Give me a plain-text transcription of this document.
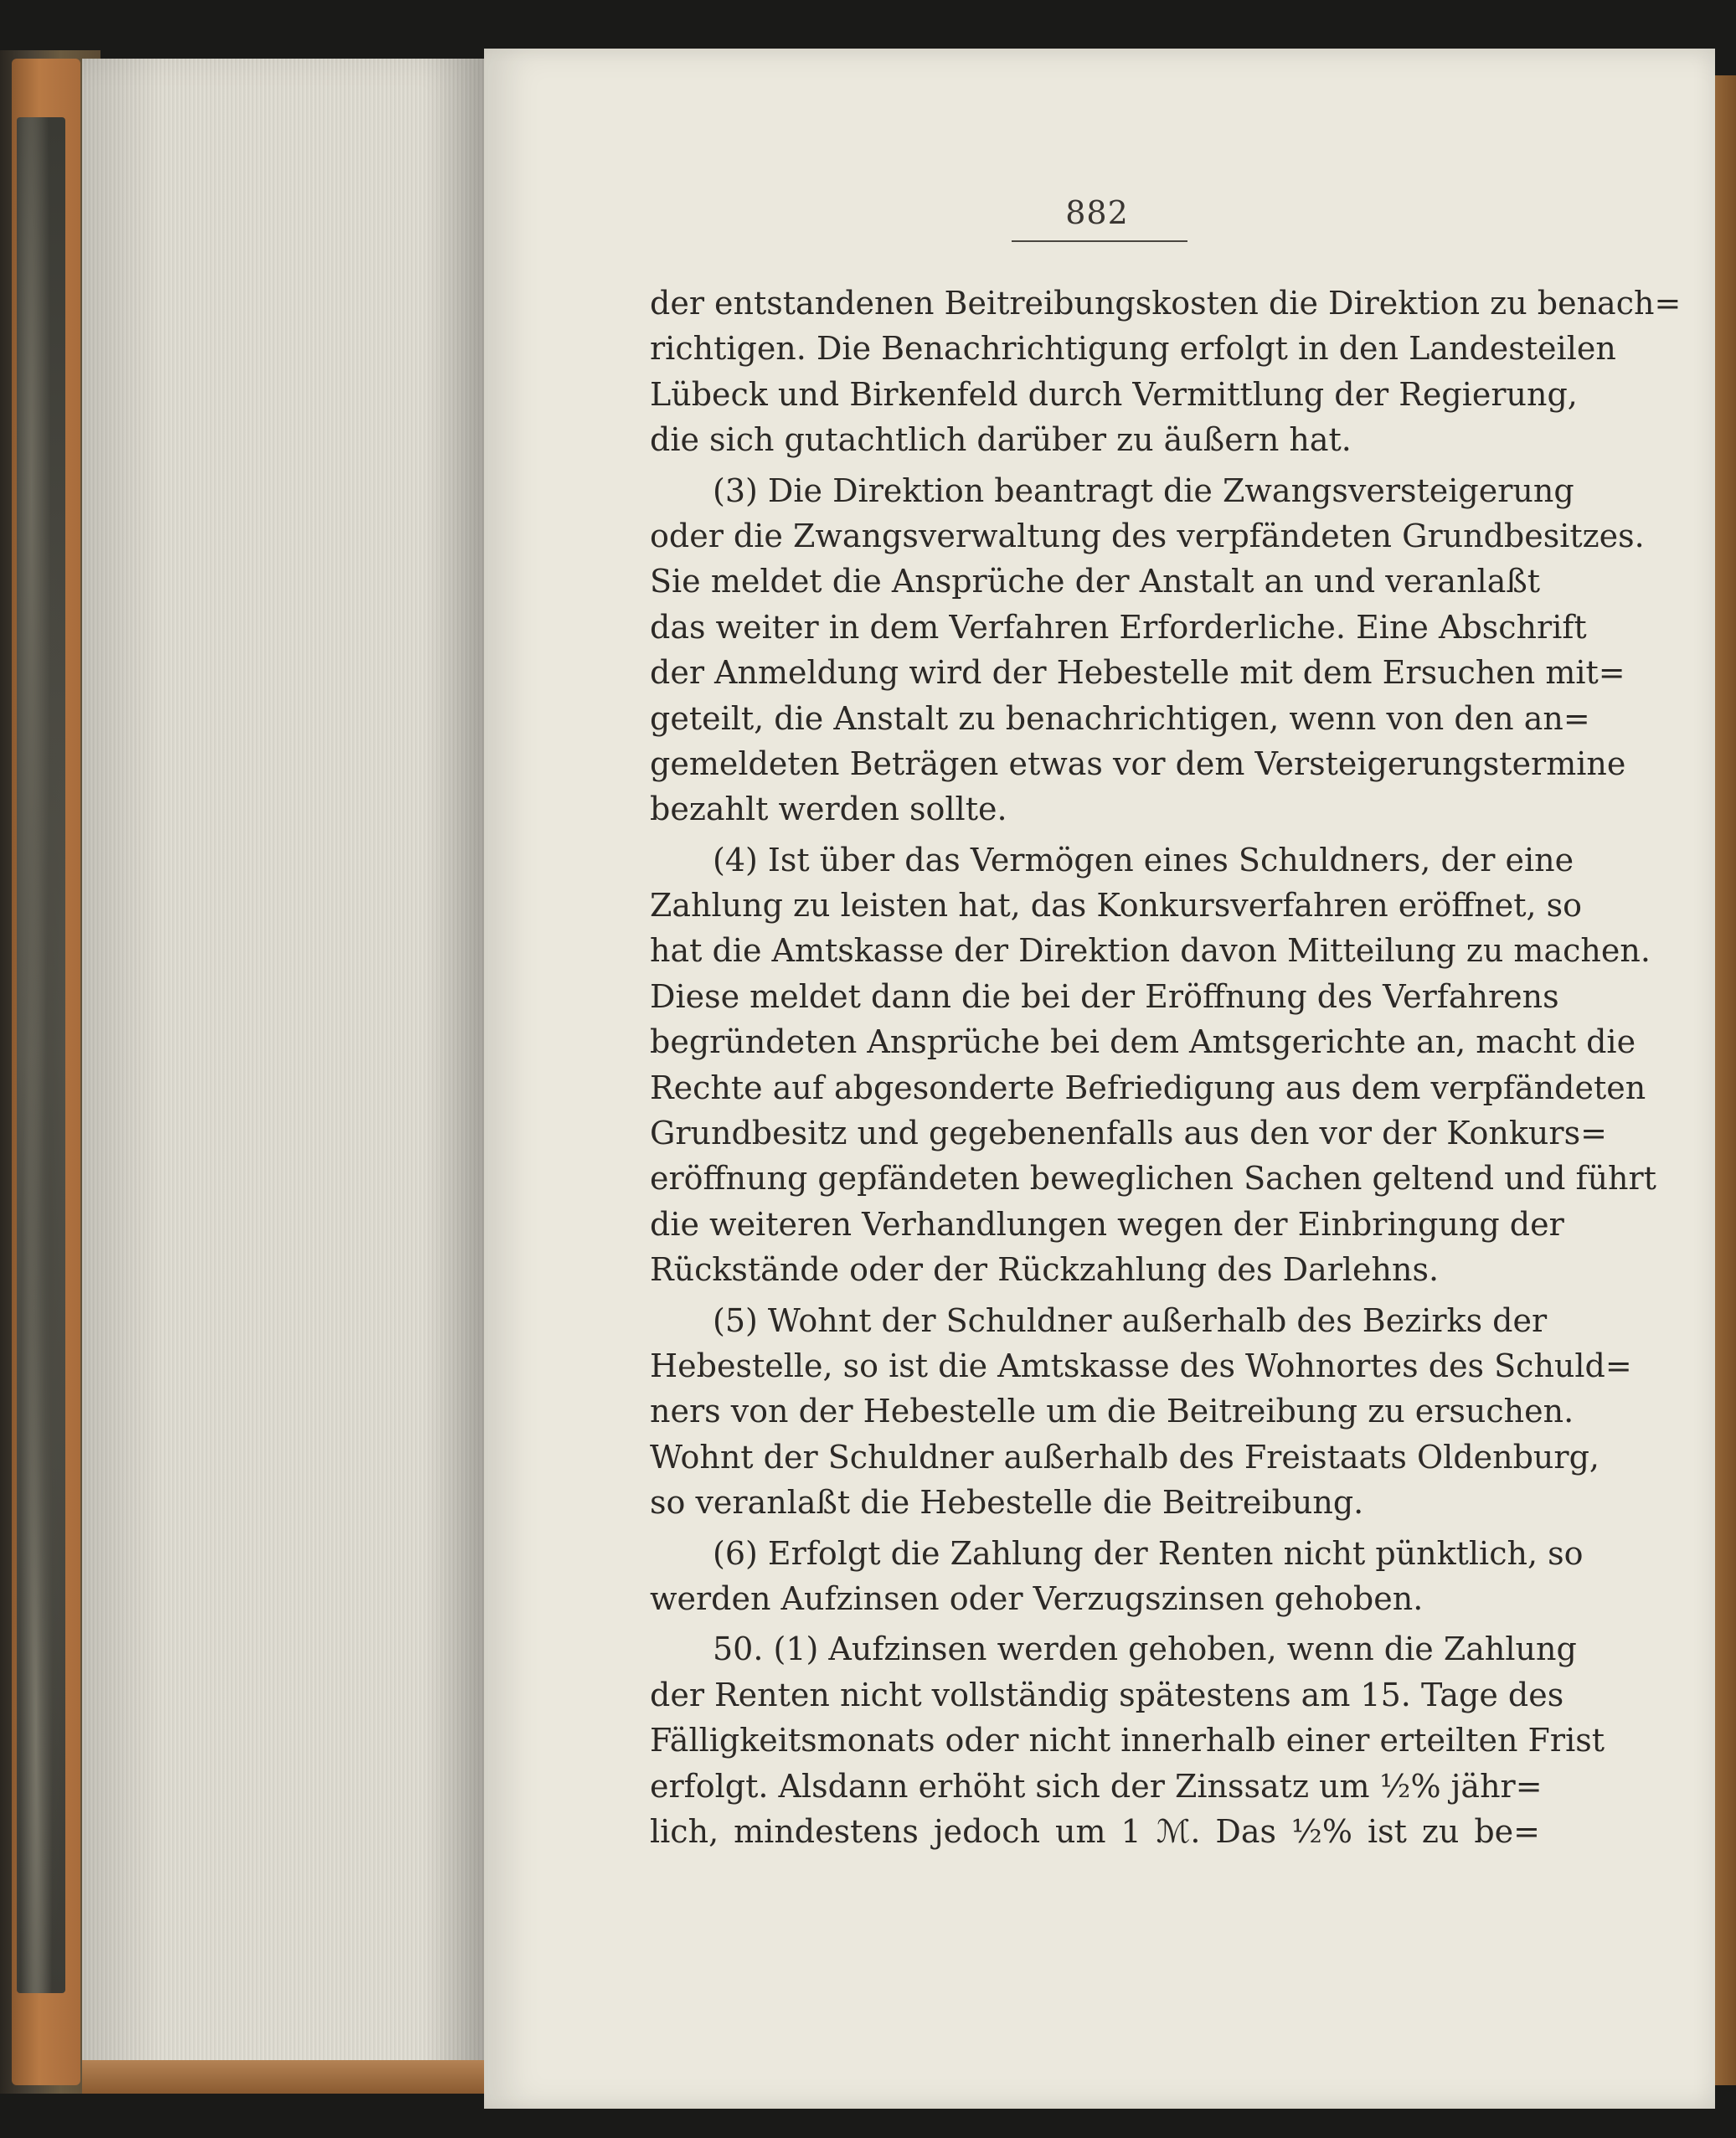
882
der entstandenen Beitreibungskosten die Direktion zu benach=
richtigen. Die Benachrichtigung erfolgt in den Landesteilen
Lübeck und Birkenfeld durch Vermittlung der Regierung,
die sich gutachtlich darüber zu äußern hat.
(3) Die Direktion beantragt die Zwangsversteigerung
oder die Zwangsverwaltung des verpfändeten Grundbesitzes.
Sie meldet die Ansprüche der Anstalt an und veranlaßt
das weiter in dem Verfahren Erforderliche. Eine Abschrift
der Anmeldung wird der Hebestelle mit dem Ersuchen mit=
geteilt, die Anstalt zu benachrichtigen, wenn von den an=
gemeldeten Beträgen etwas vor dem Versteigerungstermine
bezahlt werden sollte.
(4) Ist über das Vermögen eines Schuldners, der eine
Zahlung zu leisten hat, das Konkursverfahren eröffnet, so
hat die Amtskasse der Direktion davon Mitteilung zu machen.
Diese meldet dann die bei der Eröffnung des Verfahrens
begründeten Ansprüche bei dem Amtsgerichte an, macht die
Rechte auf abgesonderte Befriedigung aus dem verpfändeten
Grundbesitz und gegebenenfalls aus den vor der Konkurs=
eröffnung gepfändeten beweglichen Sachen geltend und führt
die weiteren Verhandlungen wegen der Einbringung der
Rückstände oder der Rückzahlung des Darlehns.
(5) Wohnt der Schuldner außerhalb des Bezirks der
Hebestelle, so ist die Amtskasse des Wohnortes des Schuld=
ners von der Hebestelle um die Beitreibung zu ersuchen.
Wohnt der Schuldner außerhalb des Freistaats Oldenburg,
so veranlaßt die Hebestelle die Beitreibung.
(6) Erfolgt die Zahlung der Renten nicht pünktlich, so
werden Aufzinsen oder Verzugszinsen gehoben.
50. (1) Aufzinsen werden gehoben, wenn die Zahlung
der Renten nicht vollständig spätestens am 15. Tage des
Fälligkeitsmonats oder nicht innerhalb einer erteilten Frist
erfolgt. Alsdann erhöht sich der Zinssatz um ½% jähr=
lich, mindestens jedoch um 1 ℳ. Das ½% ist zu be=
